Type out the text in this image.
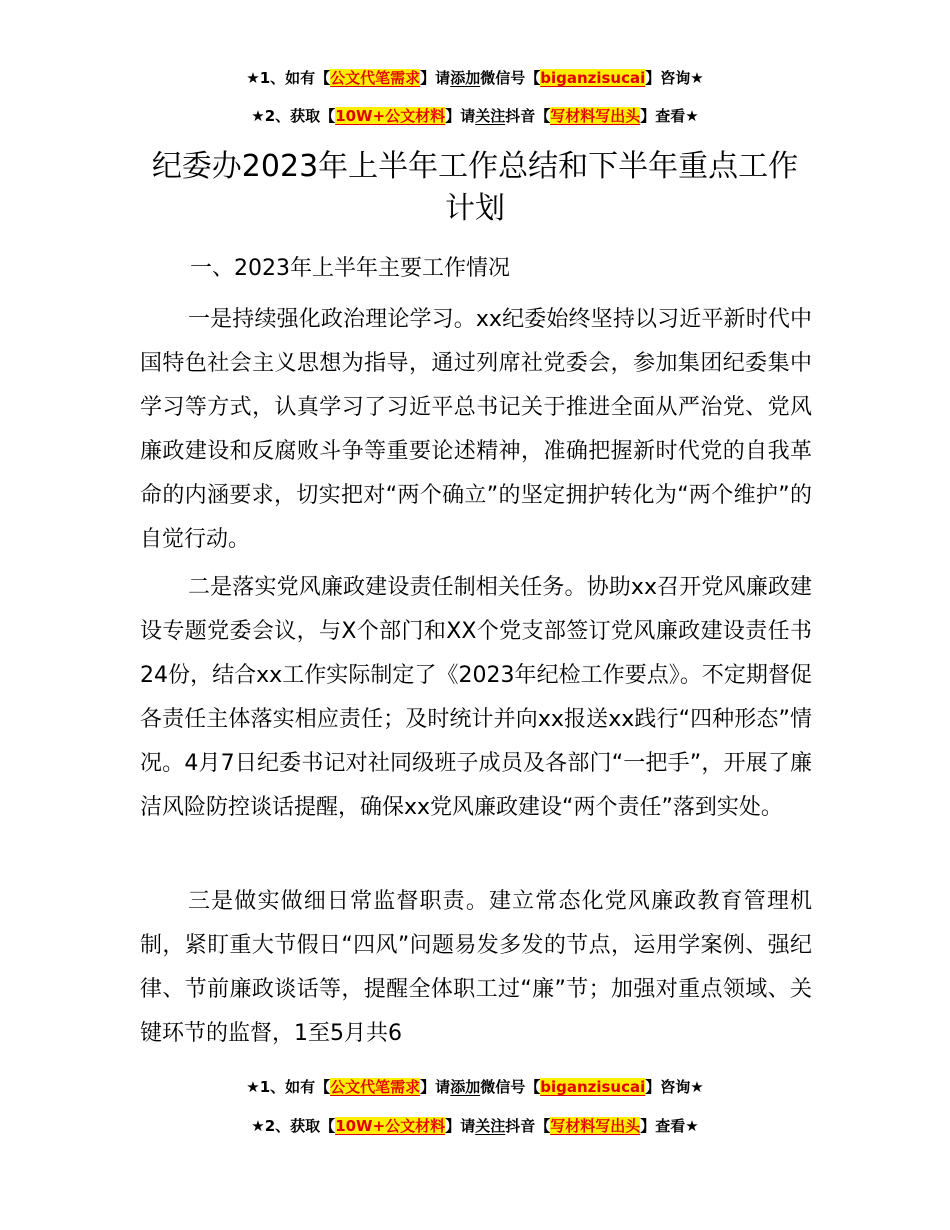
★1、如有【公文代笔需求】请添加微信号【biganzisucai】咨询★
★2、获取【10W+公文材料】请关注抖音【写材料写出头】查看★
纪委办2023年上半年工作总结和下半年重点工作计划

一、2023年上半年主要工作情况

一是持续强化政治理论学习。xx纪委始终坚持以习近平新时代中国特色社会主义思想为指导，通过列席社党委会，参加集团纪委集中学习等方式，认真学习了习近平总书记关于推进全面从严治党、党风廉政建设和反腐败斗争等重要论述精神，准确把握新时代党的自我革命的内涵要求，切实把对“两个确立”的坚定拥护转化为“两个维护”的自觉行动。

二是落实党风廉政建设责任制相关任务。协助xx召开党风廉政建设专题党委会议，与X个部门和XX个党支部签订党风廉政建设责任书24份，结合xx工作实际制定了《2023年纪检工作要点》。不定期督促各责任主体落实相应责任；及时统计并向xx报送xx践行“四种形态”情况。4月7日纪委书记对社同级班子成员及各部门“一把手”，开展了廉洁风险防控谈话提醒，确保xx党风廉政建设“两个责任”落到实处。

三是做实做细日常监督职责。建立常态化党风廉政教育管理机制，紧盯重大节假日“四风”问题易发多发的节点，运用学案例、强纪律、节前廉政谈话等，提醒全体职工过“廉”节；加强对重点领域、关键环节的监督，1至5月共6

★1、如有【公文代笔需求】请添加微信号【biganzisucai】咨询★
★2、获取【10W+公文材料】请关注抖音【写材料写出头】查看★
